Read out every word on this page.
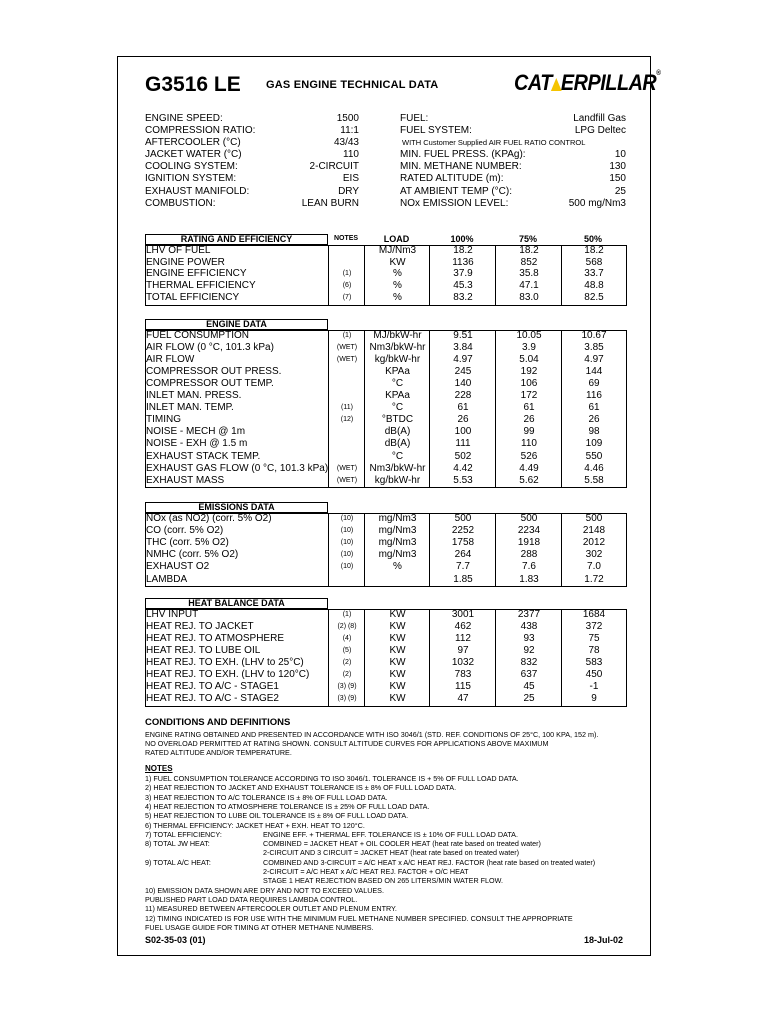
G3516 LE GAS ENGINE TECHNICAL DATA	CAT ERPILLAR®
ENGINE SPEED:	1500
COMPRESSION RATIO:	11:1
AFTERCOOLER (°C)	43/43
JACKET WATER (°C)	110
COOLING SYSTEM:	2-CIRCUIT
IGNITION SYSTEM:	EIS
EXHAUST MANIFOLD:	DRY
COMBUSTION:	LEAN BURN
FUEL:	Landfill Gas
FUEL SYSTEM:	LPG Deltec
WITH Customer Supplied AIR FUEL RATIO CONTROL
MIN. FUEL PRESS. (KPAg):	10
MIN. METHANE NUMBER:	130
RATED ALTITUDE (m):	150
AT AMBIENT TEMP (°C):	25
NOx EMISSION LEVEL:	500 mg/Nm3
RATING AND EFFICIENCY	NOTES	LOAD	100%	75%	50%
LHV OF FUEL	MJ/Nm3	18.2	18.2	18.2
ENGINE POWER	KW	1136	852	568
ENGINE EFFICIENCY	(1)	%	37.9	35.8	33.7
THERMAL EFFICIENCY	(6)	%	45.3	47.1	48.8
TOTAL EFFICIENCY	(7)	%	83.2	83.0	82.5
ENGINE DATA
FUEL CONSUMPTION	(1)	MJ/bkW-hr	9.51	10.05	10.67
AIR FLOW (0 °C, 101.3 kPa)	(WET)	Nm3/bkW-hr	3.84	3.9	3.85
AIR FLOW	(WET)	kg/bkW-hr	4.97	5.04	4.97
COMPRESSOR OUT PRESS.	KPAa	245	192	144
COMPRESSOR OUT TEMP.	°C	140	106	69
INLET MAN. PRESS.	KPAa	228	172	116
INLET MAN. TEMP.	(11)	°C	61	61	61
TIMING	(12)	°BTDC	26	26	26
NOISE - MECH @ 1m	dB(A)	100	99	98
NOISE - EXH @ 1.5 m	dB(A)	111	110	109
EXHAUST STACK TEMP.	°C	502	526	550
EXHAUST GAS FLOW (0 °C, 101.3 kPa)	(WET)	Nm3/bkW-hr	4.42	4.49	4.46
EXHAUST MASS	(WET)	kg/bkW-hr	5.53	5.62	5.58
EMISSIONS DATA
NOx (as NO2) (corr. 5% O2)	(10)	mg/Nm3	500	500	500
CO (corr. 5% O2)	(10)	mg/Nm3	2252	2234	2148
THC (corr. 5% O2)	(10)	mg/Nm3	1758	1918	2012
NMHC (corr. 5% O2)	(10)	mg/Nm3	264	288	302
EXHAUST O2	(10)	%	7.7	7.6	7.0
LAMBDA	1.85	1.83	1.72
HEAT BALANCE DATA
LHV INPUT	(1)	KW	3001	2377	1684
HEAT REJ. TO JACKET	(2) (8)	KW	462	438	372
HEAT REJ. TO ATMOSPHERE	(4)	KW	112	93	75
HEAT REJ. TO LUBE OIL	(5)	KW	97	92	78
HEAT REJ. TO EXH. (LHV to 25°C)	(2)	KW	1032	832	583
HEAT REJ. TO EXH. (LHV to 120°C)	(2)	KW	783	637	450
HEAT REJ. TO A/C - STAGE1	(3) (9)	KW	115	45	-1
HEAT REJ. TO A/C - STAGE2	(3) (9)	KW	47	25	9
CONDITIONS AND DEFINITIONS
ENGINE RATING OBTAINED AND PRESENTED IN ACCORDANCE WITH ISO 3046/1 (STD. REF. CONDITIONS OF 25°C, 100 KPA, 152 m).
NO OVERLOAD PERMITTED AT RATING SHOWN. CONSULT ALTITUDE CURVES FOR APPLICATIONS ABOVE MAXIMUM
RATED ALTITUDE AND/OR TEMPERATURE.
NOTES
1) FUEL CONSUMPTION TOLERANCE ACCORDING TO ISO 3046/1. TOLERANCE IS + 5% OF FULL LOAD DATA.
2) HEAT REJECTION TO JACKET AND EXHAUST TOLERANCE IS ± 8% OF FULL LOAD DATA.
3) HEAT REJECTION TO A/C TOLERANCE IS ± 8% OF FULL LOAD DATA.
4) HEAT REJECTION TO ATMOSPHERE TOLERANCE IS ± 25% OF FULL LOAD DATA.
5) HEAT REJECTION TO LUBE OIL TOLERANCE IS ± 8% OF FULL LOAD DATA.
6) THERMAL EFFICIENCY: JACKET HEAT + EXH. HEAT TO 120°C.
7) TOTAL EFFICIENCY:	ENGINE EFF. + THERMAL EFF. TOLERANCE IS ± 10% OF FULL LOAD DATA.
8) TOTAL JW HEAT:	COMBINED = JACKET HEAT + OIL COOLER HEAT (heat rate based on treated water)
2-CIRCUIT AND 3 CIRCUIT = JACKET HEAT (heat rate based on treated water)
9) TOTAL A/C HEAT:	COMBINED AND 3-CIRCUIT = A/C HEAT x A/C HEAT REJ. FACTOR (heat rate based on treated water)
2-CIRCUIT = A/C HEAT x A/C HEAT REJ. FACTOR + O/C HEAT
STAGE 1 HEAT REJECTION BASED ON 265 LITERS/MIN WATER FLOW.
10) EMISSION DATA SHOWN ARE DRY AND NOT TO EXCEED VALUES.
PUBLISHED PART LOAD DATA REQUIRES LAMBDA CONTROL.
11) MEASURED BETWEEN AFTERCOOLER OUTLET AND PLENUM ENTRY.
12) TIMING INDICATED IS FOR USE WITH THE MINIMUM FUEL METHANE NUMBER SPECIFIED. CONSULT THE APPROPRIATE
FUEL USAGE GUIDE FOR TIMING AT OTHER METHANE NUMBERS.
S02-35-03 (01)	18-Jul-02
